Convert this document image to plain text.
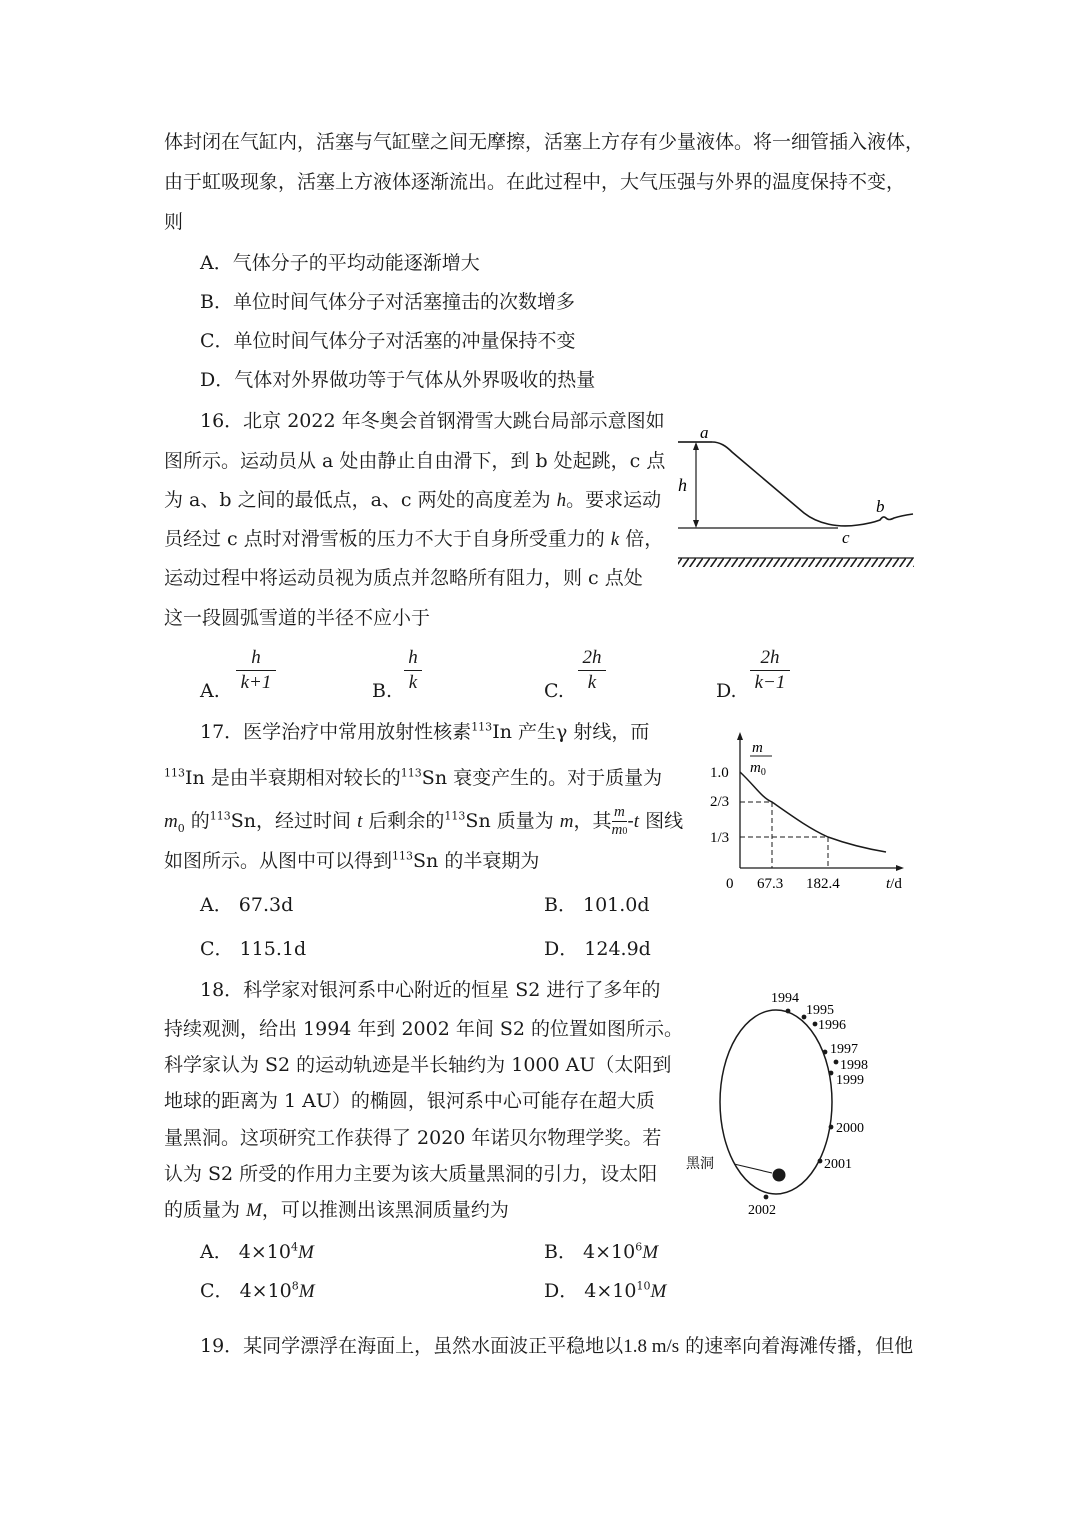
体封闭在气缸内，活塞与气缸壁之间无摩擦，活塞上方存有少量液体。将一细管插入液体，
由于虹吸现象，活塞上方液体逐渐流出。在此过程中，大气压强与外界的温度保持不变，
则
A．气体分子的平均动能逐渐增大
B．单位时间气体分子对活塞撞击的次数增多
C．单位时间气体分子对活塞的冲量保持不变
D．气体对外界做功等于气体从外界吸收的热量
16．北京 2022 年冬奥会首钢滑雪大跳台局部示意图如
图所示。运动员从 a 处由静止自由滑下，到 b 处起跳，c 点
为 a、b 之间的最低点，a、c 两处的高度差为 h。要求运动
员经过 c 点时对滑雪板的压力不大于自身所受重力的 k 倍，
运动过程中将运动员视为质点并忽略所有阻力，则 c 点处
这一段圆弧雪道的半径不应小于
A.
h
k+1	B.
h
k	C.
2h
k	D.
2h
k−1
a
h
b
c
17．医学治疗中常用放射性核素$^{113}$In 产生γ 射线，而
$^{113}$In 是由半衰期相对较长的$^{113}$Sn 衰变产生的。对于质量为
$m_0$ 的$^{113}$Sn，经过时间 t 后剩余的$^{113}$Sn 质量为 m，其$\frac{m}{m0}-t$ 图线
如图所示。从图中可以得到$^{113}$Sn 的半衰期为
A． 67.3d	B． 101.0d
C． 115.1d	D． 124.9d
m
$m_0$
1.0
2/3
1/3
0 67.3 182.4	t/d
18．科学家对银河系中心附近的恒星 S2 进行了多年的
持续观测，给出 1994 年到 2002 年间 S2 的位置如图所示。
科学家认为 S2 的运动轨迹是半长轴约为 1000 AU（太阳到
地球的距离为 1 AU）的椭圆，银河系中心可能存在超大质
量黑洞。这项研究工作获得了 2020 年诺贝尔物理学奖。若
认为 S2 所受的作用力主要为该大质量黑洞的引力，设太阳
的质量为 M，可以推测出该黑洞质量约为
A． $4\times 10^4M$	B． $4\times 10^6M$
C． $4\times 10^8M$	D． $4\times 10^{10}M$
黑洞
1994
1995
1996
1997
1998
1999
2000
2001
2002
19．某同学漂浮在海面上，虽然水面波正平稳地以1.8 m/s 的速率向着海滩传播，但他
